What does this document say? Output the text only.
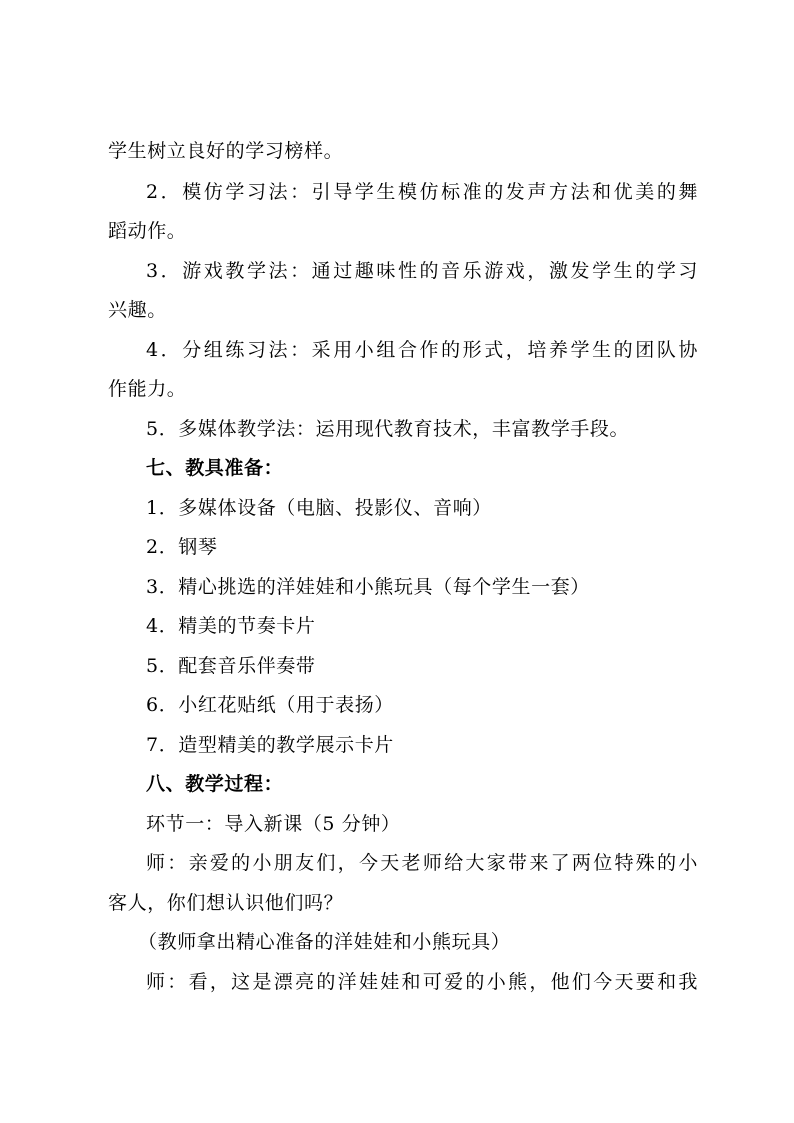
学生树立良好的学习榜样。
2．模仿学习法：引导学生模仿标准的发声方法和优美的舞
蹈动作。
3．游戏教学法：通过趣味性的音乐游戏，激发学生的学习
兴趣。
4．分组练习法：采用小组合作的形式，培养学生的团队协
作能力。
5．多媒体教学法：运用现代教育技术，丰富教学手段。
七、教具准备：
1．多媒体设备（电脑、投影仪、音响）
2．钢琴
3．精心挑选的洋娃娃和小熊玩具（每个学生一套）
4．精美的节奏卡片
5．配套音乐伴奏带
6．小红花贴纸（用于表扬）
7．造型精美的教学展示卡片
八、教学过程：
环节一：导入新课（5 分钟）
师：亲爱的小朋友们，今天老师给大家带来了两位特殊的小
客人，你们想认识他们吗？
（教师拿出精心准备的洋娃娃和小熊玩具）
师：看，这是漂亮的洋娃娃和可爱的小熊，他们今天要和我
